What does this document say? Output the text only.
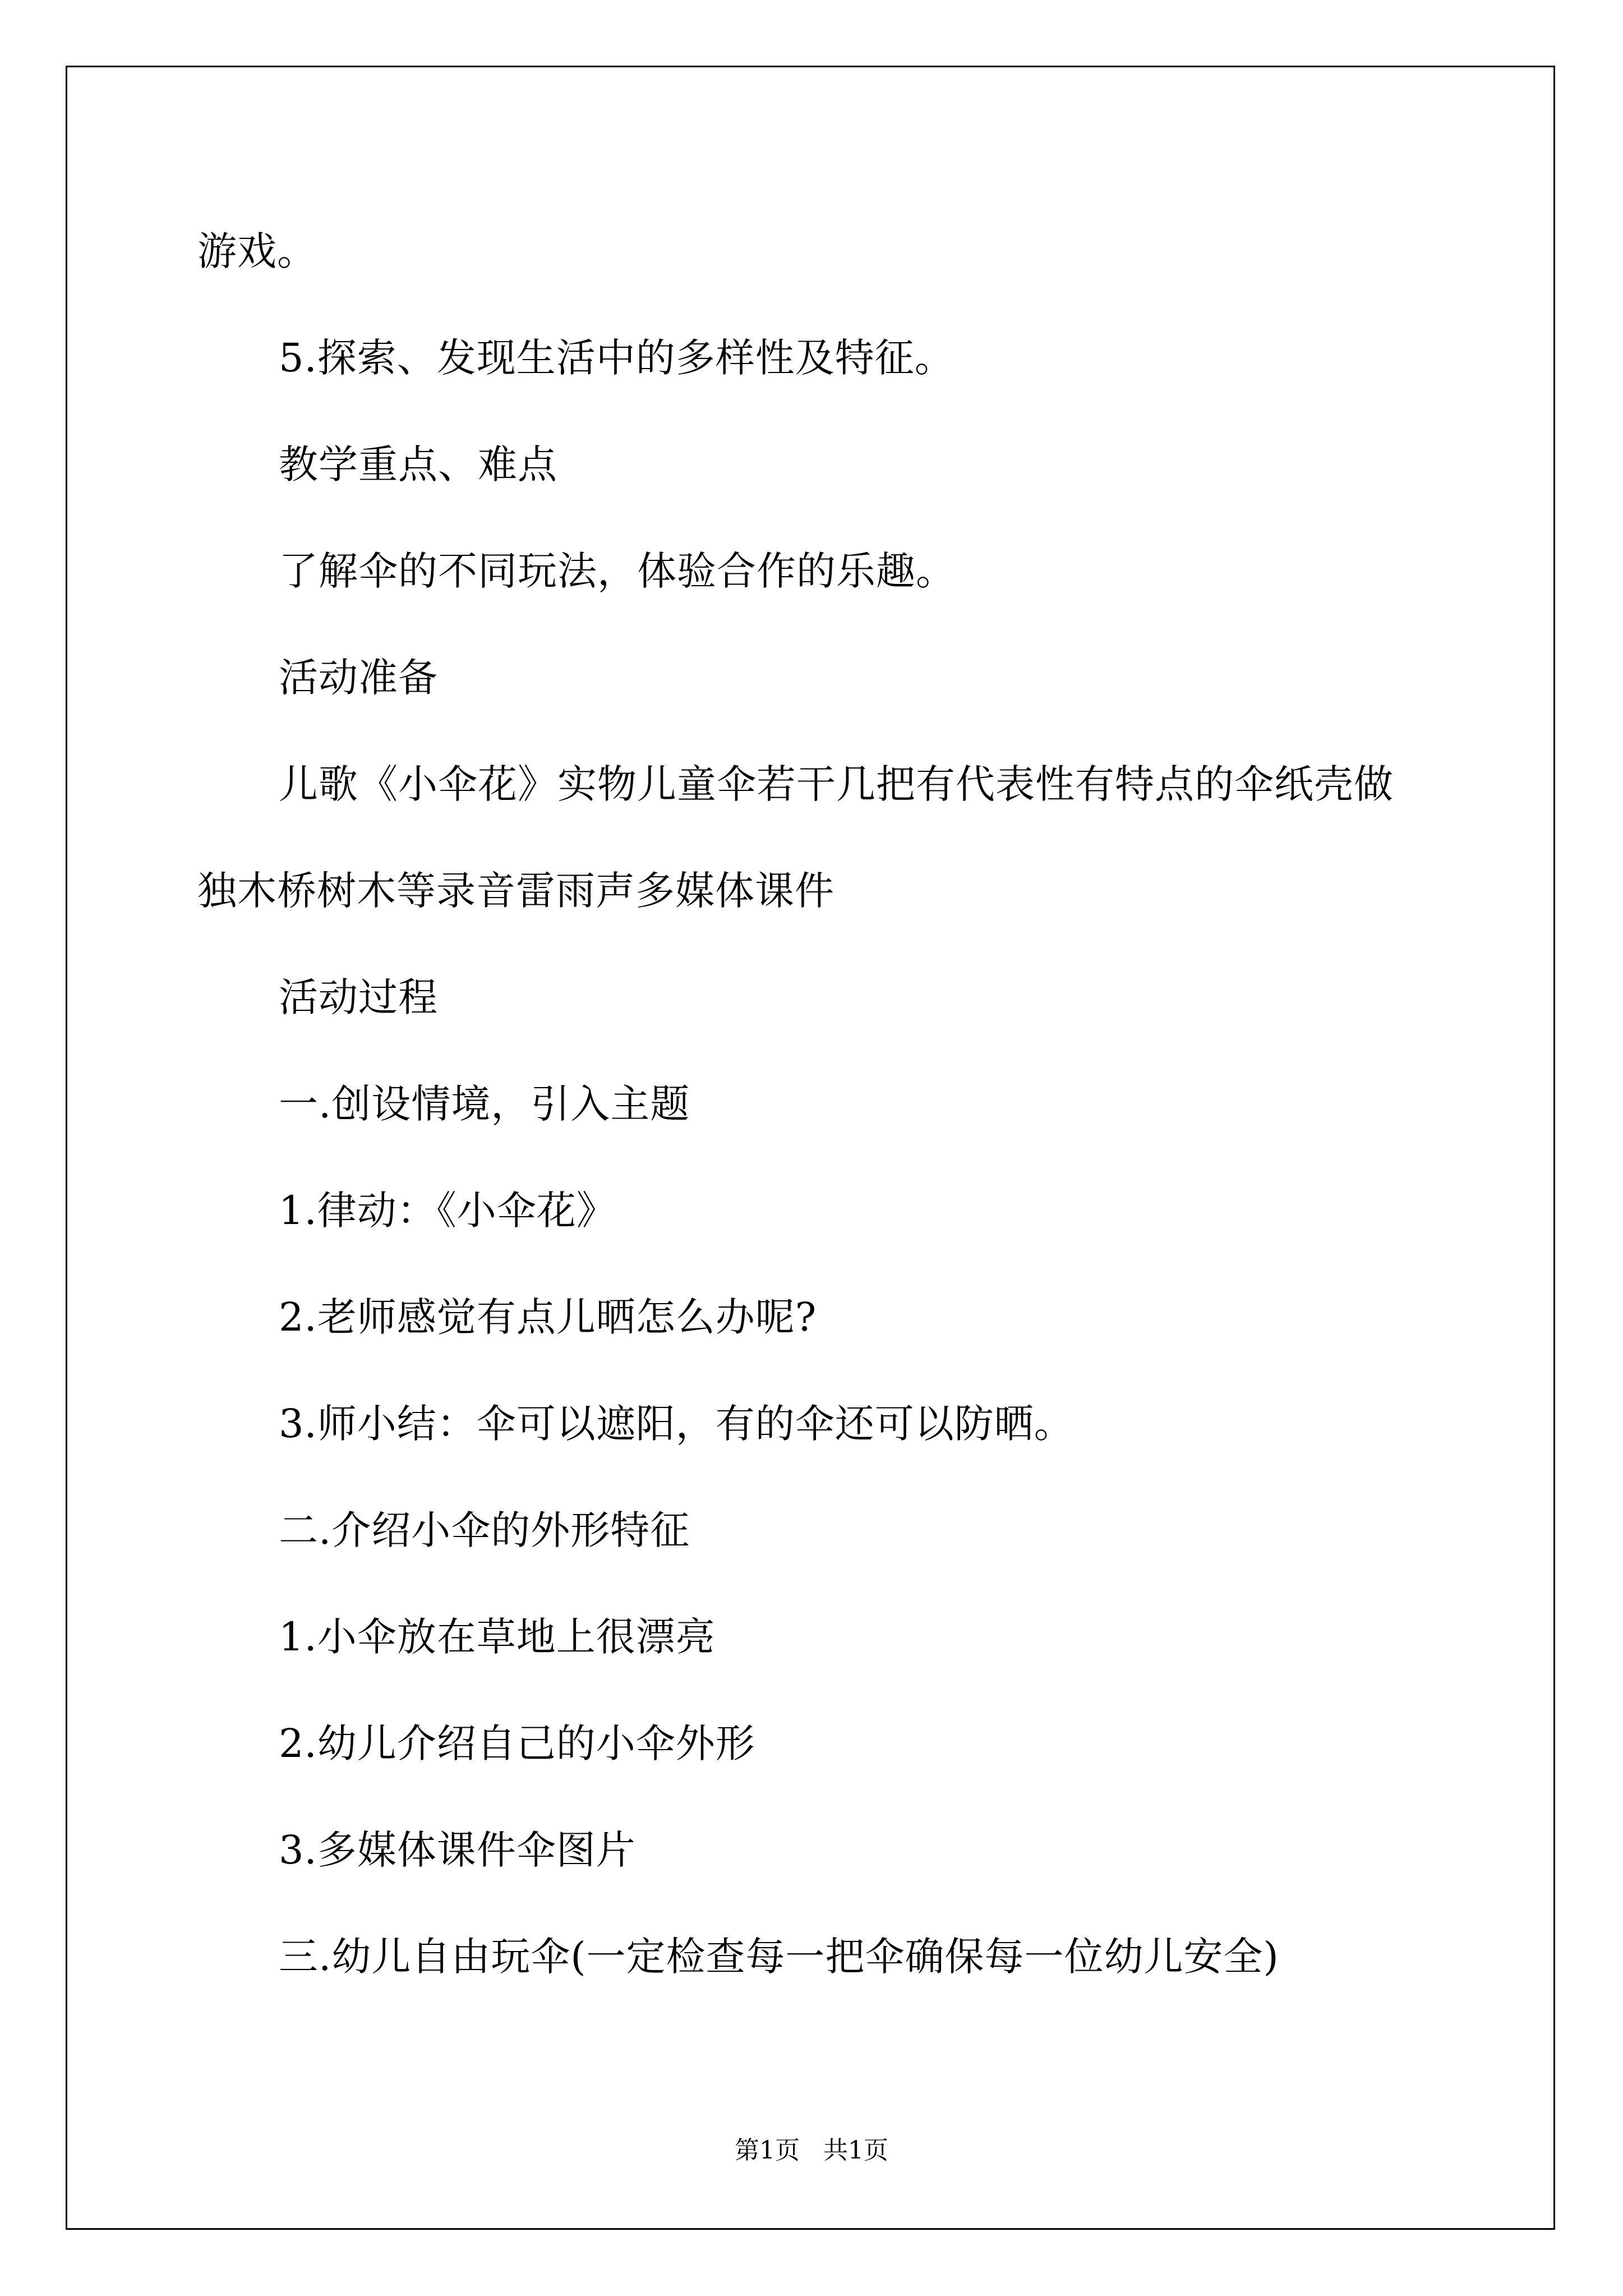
游戏。
5.探索、发现生活中的多样性及特征。
教学重点、难点
了解伞的不同玩法，体验合作的乐趣。
活动准备
儿歌《小伞花》实物儿童伞若干几把有代表性有特点的伞纸壳做
独木桥树木等录音雷雨声多媒体课件
活动过程
一.创设情境，引入主题
1.律动：《小伞花》
2.老师感觉有点儿晒怎么办呢?
3.师小结：伞可以遮阳，有的伞还可以防晒。
二.介绍小伞的外形特征
1.小伞放在草地上很漂亮
2.幼儿介绍自己的小伞外形
3.多媒体课件伞图片
三.幼儿自由玩伞(一定检查每一把伞确保每一位幼儿安全)
第1页 共1页
